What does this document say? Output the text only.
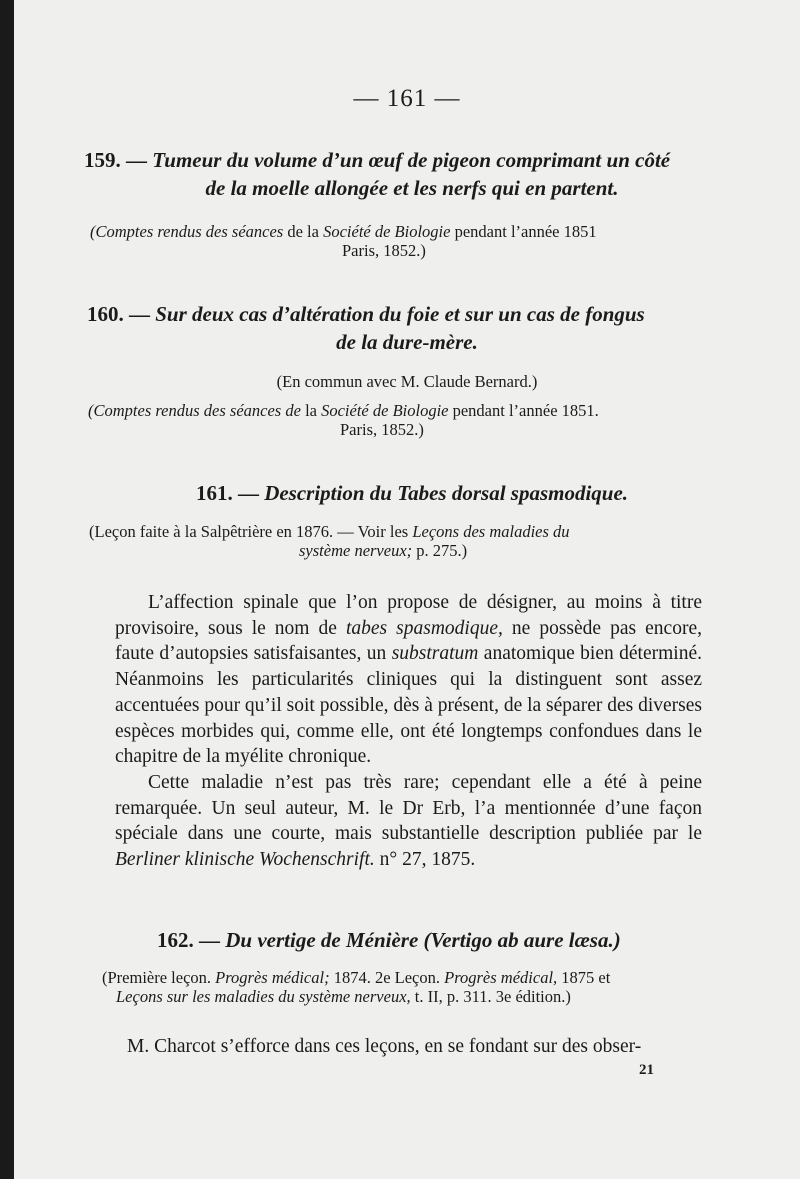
— 161 —
159. — Tumeur du volume d’un œuf de pigeon comprimant un côté
de la moelle allongée et les nerfs qui en partent.
(Comptes rendus des séances de la Société de Biologie pendant l’année 1851
Paris, 1852.)
160. — Sur deux cas d’altération du foie et sur un cas de fongus
de la dure-mère.
(En commun avec M. Claude Bernard.)
(Comptes rendus des séances de la Société de Biologie pendant l’année 1851.
Paris, 1852.)
161. — Description du Tabes dorsal spasmodique.
(Leçon faite à la Salpêtrière en 1876. — Voir les Leçons des maladies du
système nerveux; p. 275.)
L’affection spinale que l’on propose de désigner, au moins à titre provisoire, sous le nom de tabes spasmodique, ne possède pas encore, faute d’autopsies satisfaisantes, un substratum anatomique bien déterminé. Néanmoins les particularités cliniques qui la distinguent sont assez accentuées pour qu’il soit possible, dès à présent, de la séparer des diverses espèces morbides qui, comme elle, ont été longtemps confondues dans le chapitre de la myélite chronique.
Cette maladie n’est pas très rare; cependant elle a été à peine remarquée. Un seul auteur, M. le Dr Erb, l’a mentionnée d’une façon spéciale dans une courte, mais substantielle description publiée par le Berliner klinische Wochenschrift. n° 27, 1875.
162. — Du vertige de Ménière (Vertigo ab aure læsa.)
(Première leçon. Progrès médical; 1874. 2e Leçon. Progrès médical, 1875 et
Leçons sur les maladies du système nerveux, t. II, p. 311. 3e édition.)
M. Charcot s’efforce dans ces leçons, en se fondant sur des obser-
21
